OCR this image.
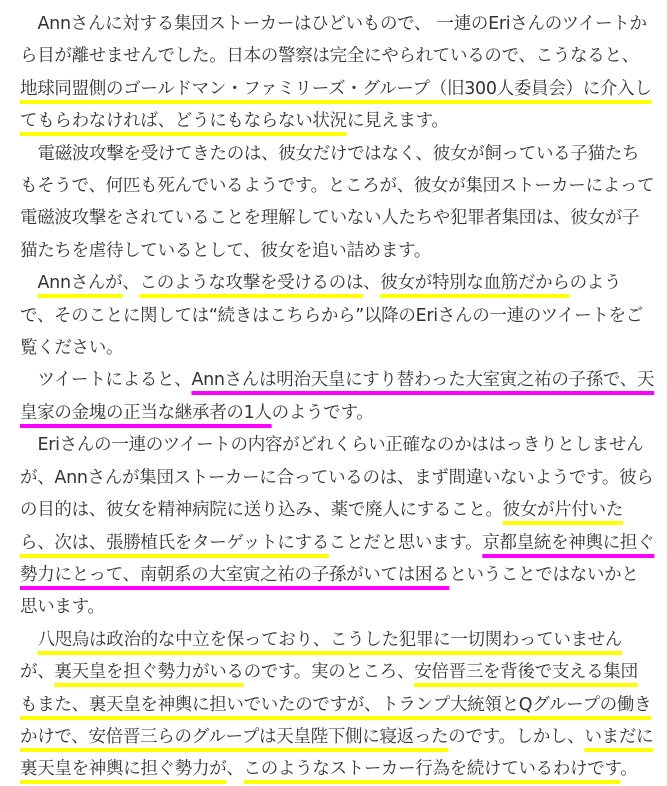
Annさんに対する集団ストーカーはひどいもので、 一連のEriさんのツイートから目が離せませんでした。日本の警察は完全にやられているので、こうなると、地球同盟側のゴールドマン・ファミリーズ・グループ（旧300人委員会）に介入してもらわなければ、どうにもならない状況に見えます。

電磁波攻撃を受けてきたのは、彼女だけではなく、彼女が飼っている子猫たちもそうで、何匹も死んでいるようです。ところが、彼女が集団ストーカーによって電磁波攻撃をされていることを理解していない人たちや犯罪者集団は、彼女が子猫たちを虐待しているとして、彼女を追い詰めます。

Annさんが、このような攻撃を受けるのは、彼女が特別な血筋だからのようで、そのことに関しては“続きはこちらから”以降のEriさんの一連のツイートをご覧ください。

ツイートによると、Annさんは明治天皇にすり替わった大室寅之祐の子孫で、天皇家の金塊の正当な継承者の1人のようです。

Eriさんの一連のツイートの内容がどれくらい正確なのかははっきりとしませんが、Annさんが集団ストーカーに合っているのは、まず間違いないようです。彼らの目的は、彼女を精神病院に送り込み、薬で廃人にすること。彼女が片付いたら、次は、張勝植氏をターゲットにすることだと思います。京都皇統を神輿に担ぐ勢力にとって、南朝系の大室寅之祐の子孫がいては困るということではないかと思います。

八咫烏は政治的な中立を保っており、こうした犯罪に一切関わっていませんが、裏天皇を担ぐ勢力がいるのです。実のところ、安倍晋三を背後で支える集団もまた、裏天皇を神輿に担いでいたのですが、トランプ大統領とQグループの働きかけで、安倍晋三らのグループは天皇陛下側に寝返ったのです。しかし、いまだに裏天皇を神輿に担ぐ勢力が、このようなストーカー行為を続けているわけです。
